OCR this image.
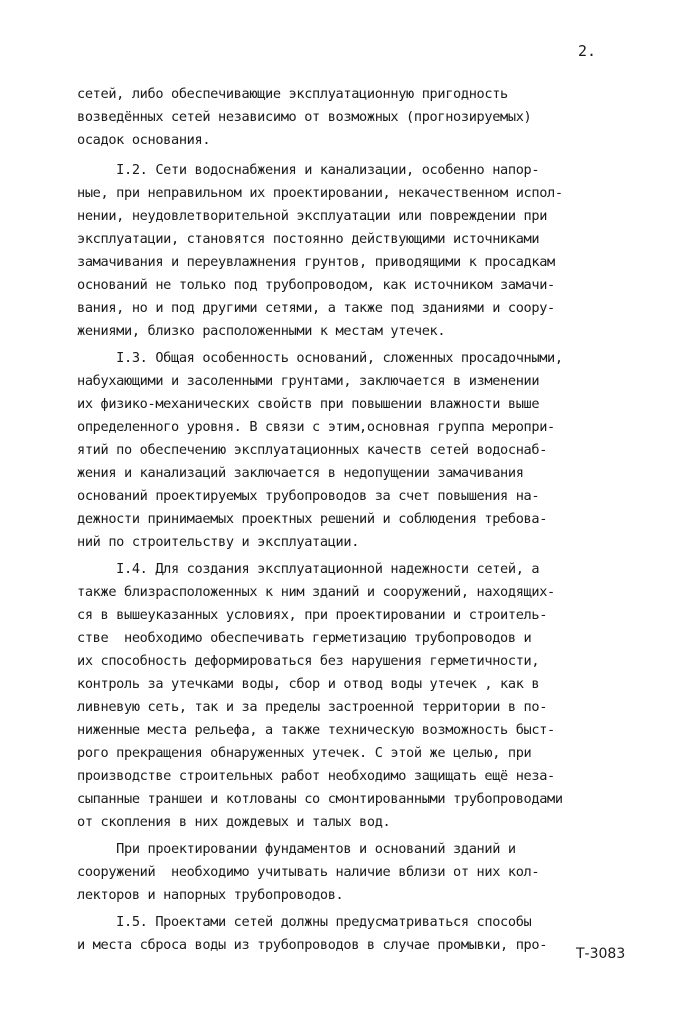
2.
сетей, либо обеспечивающие эксплуатационную пригодность
возведённых сетей независимо от возможных (прогнозируемых)
осадок основания.
I.2. Сети водоснабжения и канализации, особенно напор-
ные, при неправильном их проектировании, некачественном испол-
нении, неудовлетворительной эксплуатации или повреждении при
эксплуатации, становятся постоянно действующими источниками
замачивания и переувлажнения грунтов, приводящими к просадкам
оснований не только под трубопроводом, как источником замачи-
вания, но и под другими сетями, а также под зданиями и соору-
жениями, близко расположенными к местам утечек.
I.3. Общая особенность оснований, сложенных просадочными,
набухающими и засоленными грунтами, заключается в изменении
их физико-механических свойств при повышении влажности выше
определенного уровня. В связи с этим,основная группа меропри-
ятий по обеспечению эксплуатационных качеств сетей водоснаб-
жения и канализаций заключается в недопущении замачивания
оснований проектируемых трубопроводов за счет повышения на-
дежности принимаемых проектных решений и соблюдения требова-
ний по строительству и эксплуатации.
I.4. Для создания эксплуатационной надежности сетей, а
также близрасположенных к ним зданий и сооружений, находящих-
ся в вышеуказанных условиях, при проектировании и строитель-
стве  необходимо обеспечивать герметизацию трубопроводов и
их способность деформироваться без нарушения герметичности,
контроль за утечками воды, сбор и отвод воды утечек , как в
ливневую сеть, так и за пределы застроенной территории в по-
ниженные места рельефа, а также техническую возможность быст-
рого прекращения обнаруженных утечек. С этой же целью, при
производстве строительных работ необходимо защищать ещё неза-
сыпанные траншеи и котлованы со смонтированными трубопроводами
от скопления в них дождевых и талых вод.
При проектировании фундаментов и оснований зданий и
сооружений  необходимо учитывать наличие вблизи от них кол-
лекторов и напорных трубопроводов.
I.5. Проектами сетей должны предусматриваться способы
и места сброса воды из трубопроводов в случае промывки, про-
Т-3083
